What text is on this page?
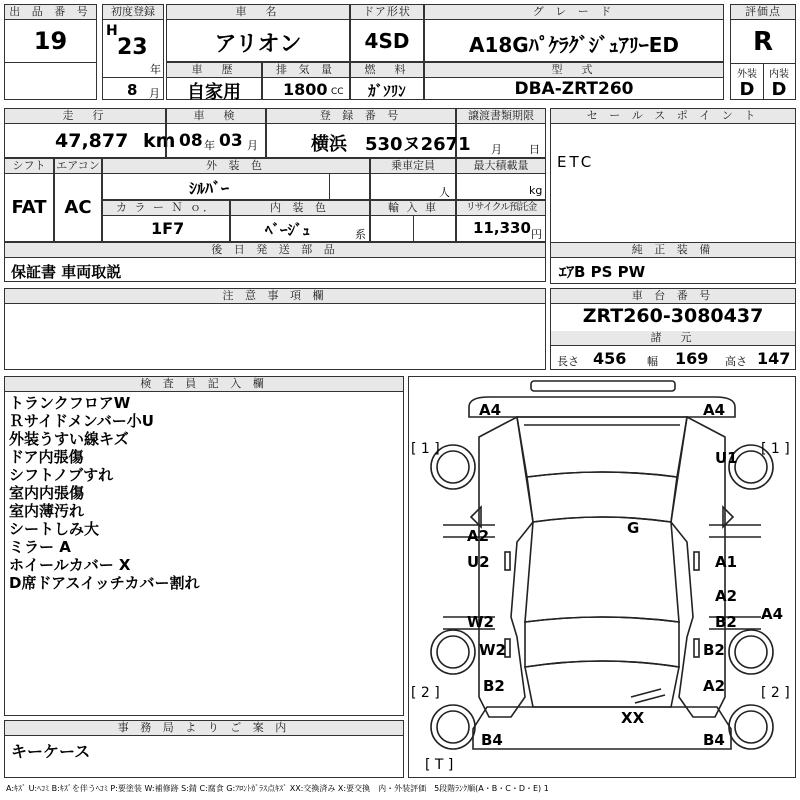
出 品 番 号
19
初度登録
H
23
年
8 月
車　名
アリオン
ドア形状
4SD
グ レ ー ド
A18GﾊﾟｹﾗｸﾞｼﾞｭｱﾘｰED
車　歴
自家用
排 気 量
1800 CC
燃　料
ｶﾞｿﾘﾝ
型　式
DBA-ZRT260
評価点
R
外装	内装
D D
走　行
47,877 km
車　検
08 年 03 月
登 録 番 号
横浜　530ヌ2671
譲渡書類期限
月 日
セ ー ル ス ポ イ ン ト
ETC
シフト
FAT
エアコン
AC
外 装 色
ｼﾙﾊﾞｰ
乗車定員
人
最大積載量
kg
カ ラ ー Ｎ ｏ．
1F7
内 装 色
ﾍﾞｰｼﾞｭ	系
輸 入 車	リサイクル預託金
11,330 円
後 日 発 送 部 品
保証書 車両取説
純 正 装 備
ｴｱB PS PW
注 意 事 項 欄	車 台 番 号
ZRT260-3080437
諸　元
長さ 456 幅 169 高さ 147
検 査 員 記 入 欄
トランクフロアW
Ｒサイドメンバー小U
外装うすい線キズ
ドア内張傷
シフトノブすれ
室内内張傷
室内薄汚れ
シートしみ大
ミラー A
ホイールカバー X
D席ドアスイッチカバー割れ
事 務 局 よ り ご 案 内
キーケース
[ 1 ]	[ 1 ]
[ 2 ]	[ 2 ]
[ T ]
A4	A4
U1
G
A2
U2	A1
A2
B2 A4
W2
W2	B2
B2	A2
XX
B4	B4
A:ｷｽﾞ U:ﾍｺﾐ B:ｷｽﾞを伴うﾍｺﾐ P:要塗装 W:補修跡 S:錆 C:腐食 G:ﾌﾛﾝﾄｶﾞﾗｽ点ｷｽﾞ XX:交換済み X:要交換　内・外装評価　5段階ﾗﾝｸ順(A・B・C・D・E) 1
